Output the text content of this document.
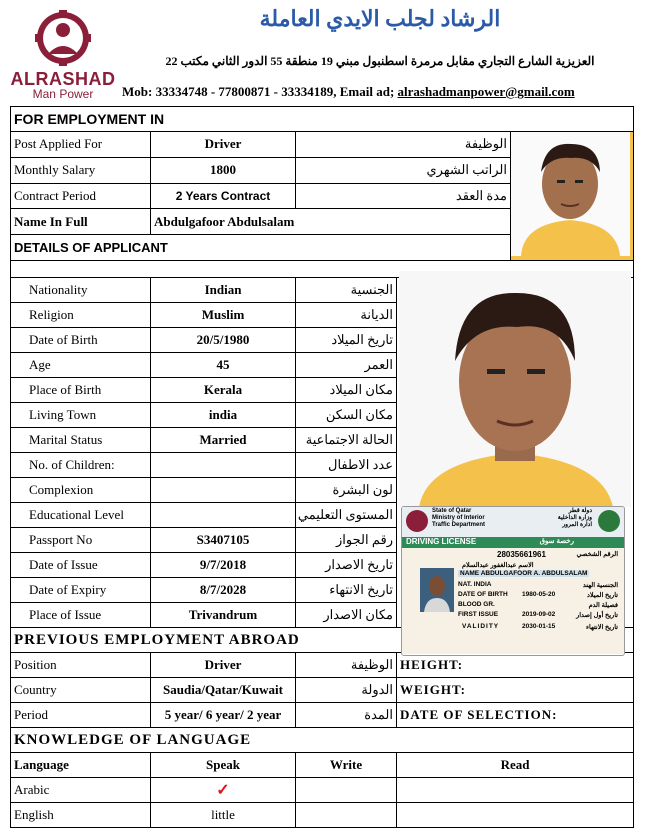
ALRASHAD
Man Power
الرشاد لجلب الايدي العاملة
العزيزية الشارع التجاري مقابل مرمرة اسطنبول مبني 19 منطقة 55 الدور الثاني مكتب 22
Mob: 33334748 - 77800871 - 33334189, Email ad; alrashadmanpower@gmail.com
FOR EMPLOYMENT IN			
Post Applied For	Driver	الوظيفة	
Monthly Salary	1800	الراتب الشهري	
Contract Period	2 Years Contract	مدة العقد	
Name In Full	Abdulgafoor Abdulsalam		
DETAILS OF APPLICANT			

Nationality	Indian	الجنسية	
Religion	Muslim	الديانة	
Date of Birth	20/5/1980	تاريخ الميلاد	
Age	45	العمر	
Place of Birth	Kerala	مكان الميلاد	
Living Town	india	مكان السكن	
Marital Status	Married	الحالة الاجتماعية	
No. of Children:		عدد الاطفال	
Complexion		لون البشرة	
Educational Level		المستوى التعليمي	
Passport No	S3407105	رقم الجواز	
Date of Issue	9/7/2018	تاريخ الاصدار	
Date of Expiry	8/7/2028	تاريخ الانتهاء	
Place of Issue	Trivandrum	مكان الاصدار	
PREVIOUS EMPLOYMENT ABROAD			
Position	Driver	الوظيفة	HEIGHT:
Country	Saudia/Qatar/Kuwait	الدولة	WEIGHT:
Period	5 year/ 6 year/ 2 year	المدة	DATE OF SELECTION:
KNOWLEDGE OF LANGUAGE			
Language	Speak	Write	Read
Arabic	✓		
English	little		
State of Qatar
Ministry of Interior
Traffic Department
دولة قطر
وزارة الداخلية
ادارة المرور
DRIVING LICENSE	رخصة سوق
28035661961	الرقم الشخصي
الاسم عبدالغفور عبدالسلام
NAME ABDULGAFOOR A. ABDULSALAM
NAT. INDIA	الجنسية الهند
DATE OF BIRTH 1980-05-20	تاريخ الميلاد
BLOOD GR.	فصيلة الدم
FIRST ISSUE	2019-09-02	تاريخ أول إصدار
VALIDITY	2030-01-15	تاريخ الانتهاء
